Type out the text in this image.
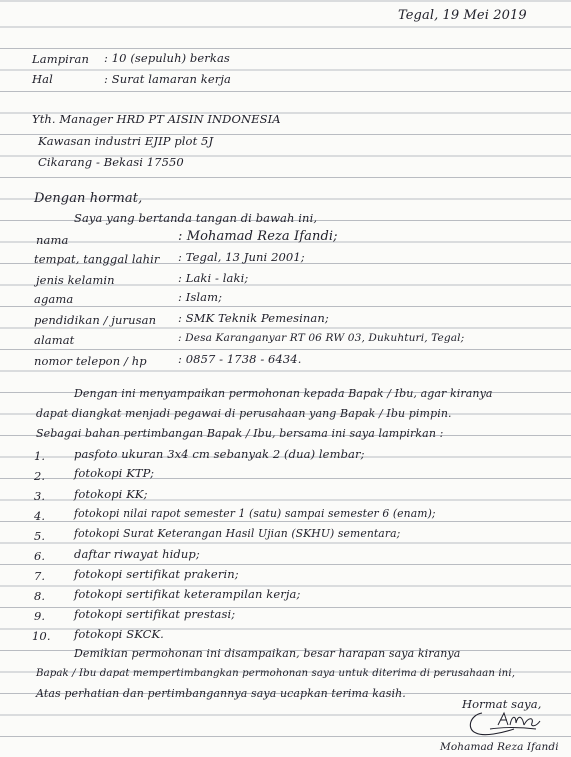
Tegal, 19 Mei 2019
Lampiran : 10 (sepuluh) berkas
Hal	: Surat lamaran kerja
Yth. Manager HRD PT AISIN INDONESIA
Kawasan industri EJIP plot 5J
Cikarang - Bekasi 17550
Dengan hormat,
Saya yang bertanda tangan di bawah ini,
nama	: Mohamad Reza Ifandi;
tempat, tanggal lahir : Tegal, 13 Juni 2001;
jenis kelamin	: Laki - laki;
agama	: Islam;
pendidikan / jurusan : SMK Teknik Pemesinan;
alamat	: Desa Karanganyar RT 06 RW 03, Dukuhturi, Tegal;
nomor telepon / hp	: 0857 - 1738 - 6434.
Dengan ini menyampaikan permohonan kepada Bapak / Ibu, agar kiranya
dapat diangkat menjadi pegawai di perusahaan yang Bapak / Ibu pimpin.
Sebagai bahan pertimbangan Bapak / Ibu, bersama ini saya lampirkan :
1.	pasfoto ukuran 3x4 cm sebanyak 2 (dua) lembar;
2.	fotokopi KTP;
3.	fotokopi KK;
4.	fotokopi nilai rapot semester 1 (satu) sampai semester 6 (enam);
5.	fotokopi Surat Keterangan Hasil Ujian (SKHU) sementara;
6.	daftar riwayat hidup;
7.	fotokopi sertifikat prakerin;
8.	fotokopi sertifikat keterampilan kerja;
9.	fotokopi sertifikat prestasi;
10. fotokopi SKCK.
Demikian permohonan ini disampaikan, besar harapan saya kiranya
Bapak / Ibu dapat mempertimbangkan permohonan saya untuk diterima di perusahaan ini,
Atas perhatian dan pertimbangannya saya ucapkan terima kasih.
Hormat saya,
Mohamad Reza Ifandi
